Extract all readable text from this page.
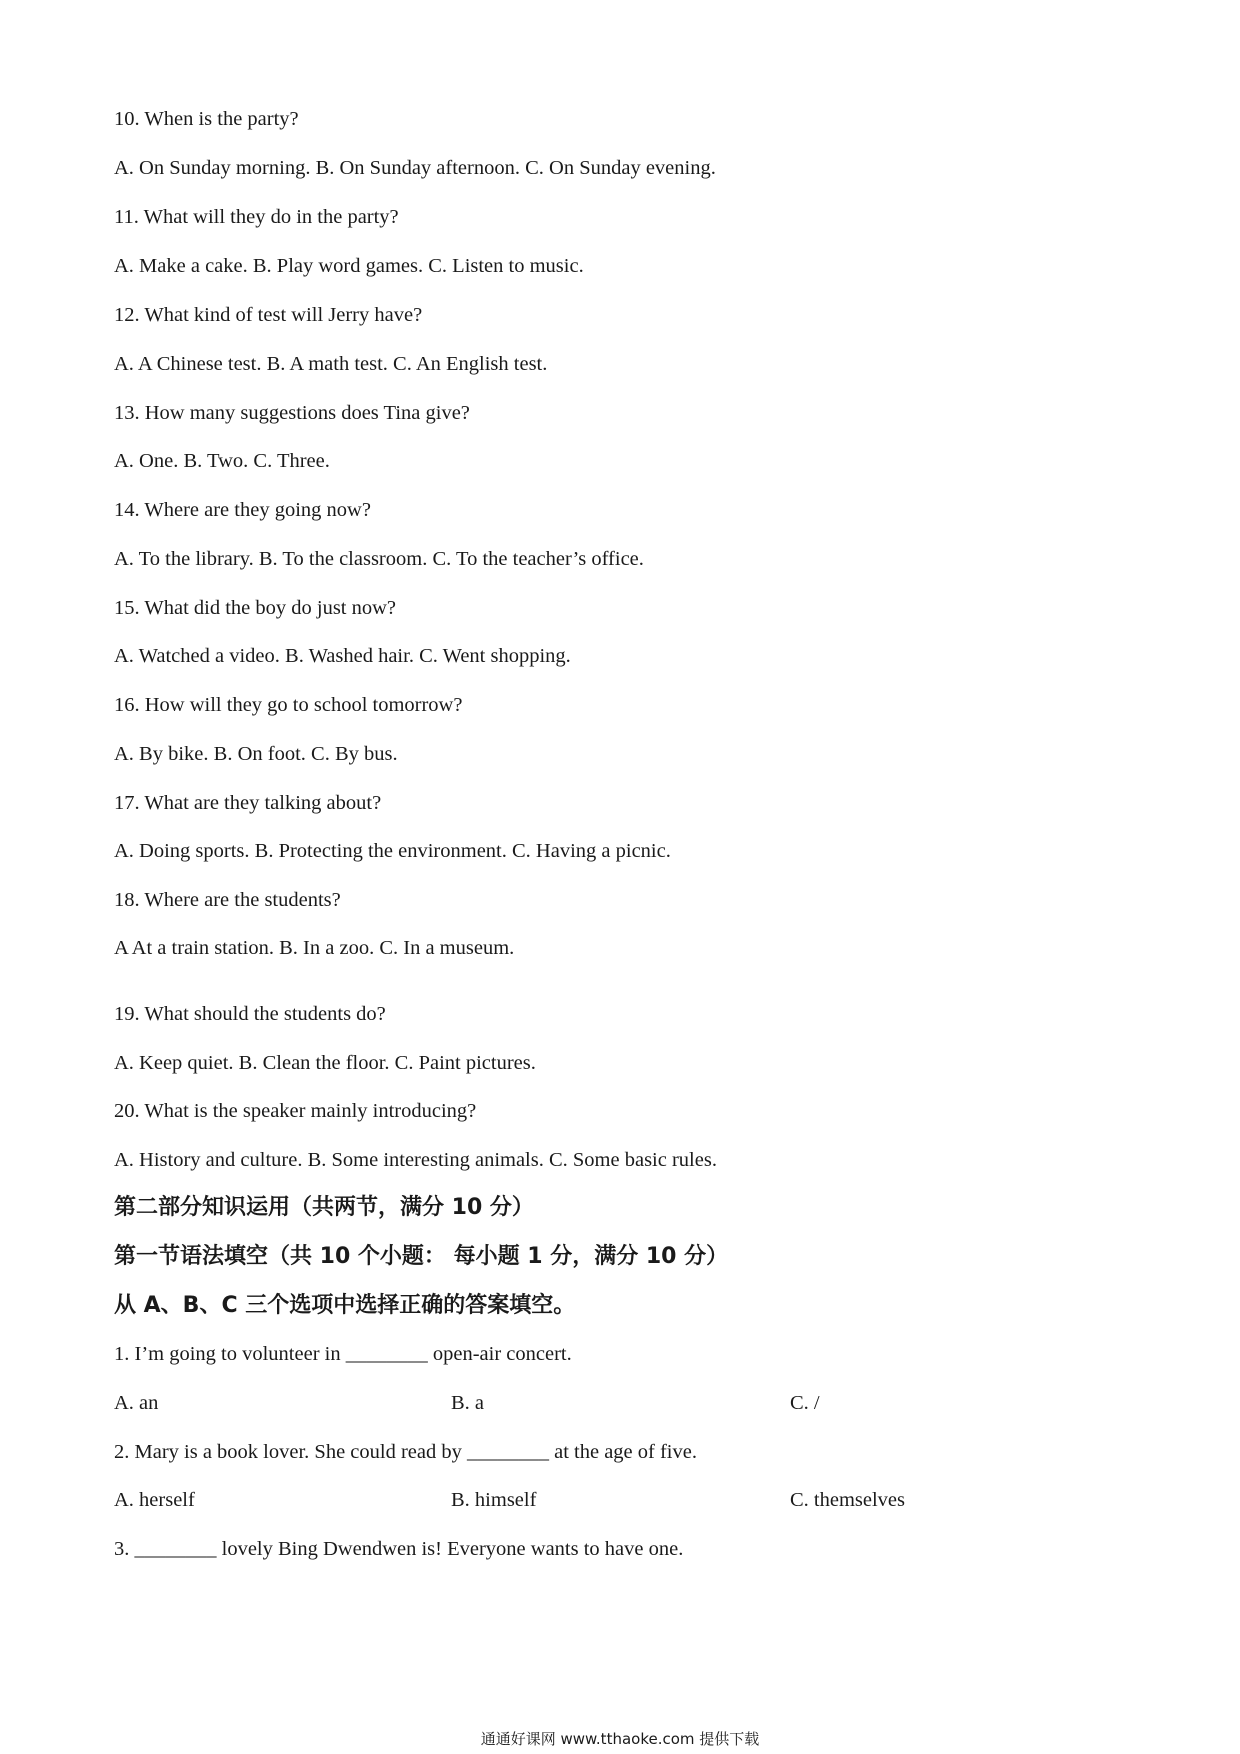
10. When is the party?
A. On Sunday morning. B. On Sunday afternoon. C. On Sunday evening.
11. What will they do in the party?
A. Make a cake. B. Play word games. C. Listen to music.
12. What kind of test will Jerry have?
A. A Chinese test. B. A math test. C. An English test.
13. How many suggestions does Tina give?
A. One. B. Two. C. Three.
14. Where are they going now?
A. To the library. B. To the classroom. C. To the teacher’s office.
15. What did the boy do just now?
A. Watched a video. B. Washed hair. C. Went shopping.
16. How will they go to school tomorrow?
A. By bike. B. On foot. C. By bus.
17. What are they talking about?
A. Doing sports. B. Protecting the environment. C. Having a picnic.
18. Where are the students?
A At a train station. B. In a zoo. C. In a museum.
19. What should the students do?
A. Keep quiet. B. Clean the floor. C. Paint pictures.
20. What is the speaker mainly introducing?
A. History and culture. B. Some interesting animals. C. Some basic rules.
第二部分知识运用（共两节，满分 10 分）
第一节语法填空（共 10 个小题： 每小题 1 分，满分 10 分）
从 A、B、C 三个选项中选择正确的答案填空。
1. I’m going to volunteer in ________ open-air concert.
A. an	B. a	C. /
2. Mary is a book lover. She could read by ________ at the age of five.
A. herself	B. himself	C. themselves
3. ________ lovely Bing Dwendwen is! Everyone wants to have one.
通通好课网 www.tthaoke.com 提供下载
